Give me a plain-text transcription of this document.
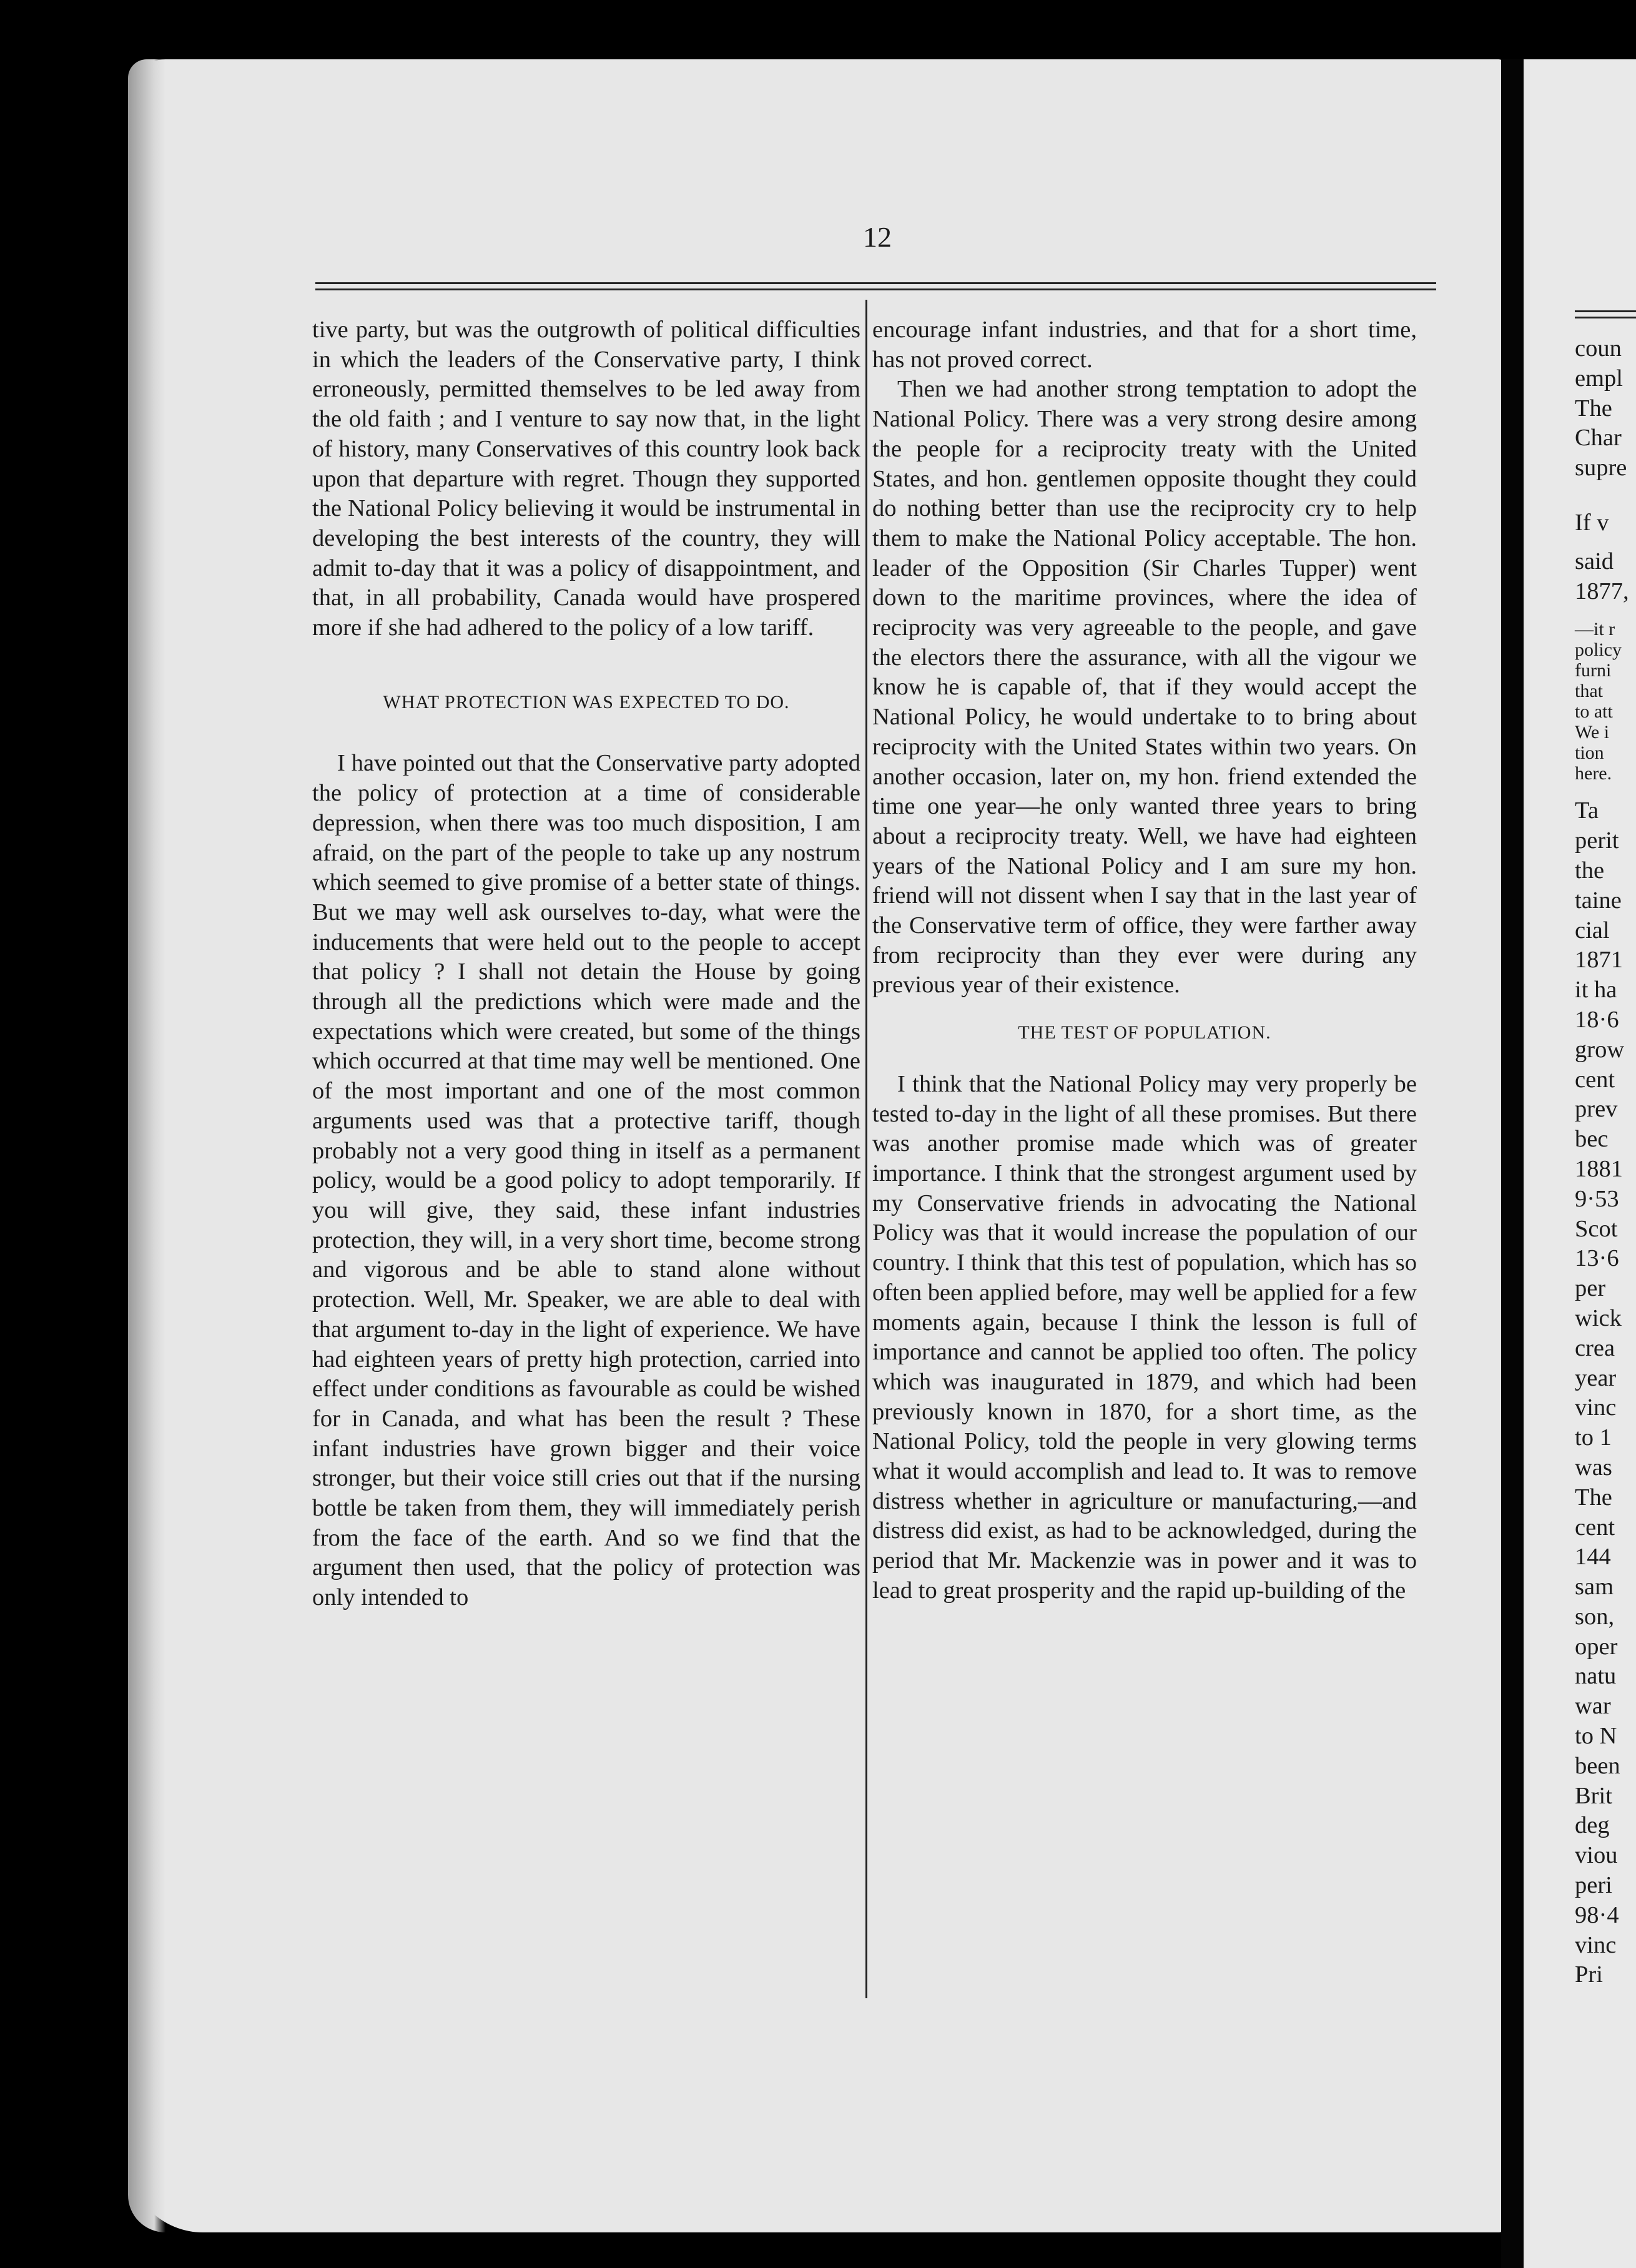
12

tive party, but was the outgrowth of political difficulties in which the leaders of the Conservative party, I think erroneously, permitted themselves to be led away from the old faith ; and I venture to say now that, in the light of history, many Conservatives of this country look back upon that departure with regret. Thougn they supported the National Policy believing it would be instrumental in developing the best interests of the country, they will admit to-day that it was a policy of disappointment, and that, in all probability, Canada would have prospered more if she had adhered to the policy of a low tariff.

WHAT PROTECTION WAS EXPECTED TO DO.

I have pointed out that the Conservative party adopted the policy of protection at a time of considerable depression, when there was too much disposition, I am afraid, on the part of the people to take up any nostrum which seemed to give promise of a better state of things. But we may well ask ourselves to-day, what were the inducements that were held out to the people to accept that policy ? I shall not detain the House by going through all the predictions which were made and the expectations which were created, but some of the things which occurred at that time may well be mentioned. One of the most important and one of the most common arguments used was that a protective tariff, though probably not a very good thing in itself as a permanent policy, would be a good policy to adopt temporarily. If you will give, they said, these infant industries protection, they will, in a very short time, become strong and vigorous and be able to stand alone without protection. Well, Mr. Speaker, we are able to deal with that argument to-day in the light of experience. We have had eighteen years of pretty high protection, carried into effect under conditions as favourable as could be wished for in Canada, and what has been the result ? These infant industries have grown bigger and their voice stronger, but their voice still cries out that if the nursing bottle be taken from them, they will immediately perish from the face of the earth. And so we find that the argument then used, that the policy of protection was only intended to

encourage infant industries, and that for a short time, has not proved correct.

Then we had another strong temptation to adopt the National Policy. There was a very strong desire among the people for a reciprocity treaty with the United States, and hon. gentlemen opposite thought they could do nothing better than use the reciprocity cry to help them to make the National Policy acceptable. The hon. leader of the Opposition (Sir Charles Tupper) went down to the maritime provinces, where the idea of reciprocity was very agreeable to the people, and gave the electors there the assurance, with all the vigour we know he is capable of, that if they would accept the National Policy, he would undertake to to bring about reciprocity with the United States within two years. On another occasion, later on, my hon. friend extended the time one year—he only wanted three years to bring about a reciprocity treaty. Well, we have had eighteen years of the National Policy and I am sure my hon. friend will not dissent when I say that in the last year of the Conservative term of office, they were farther away from reciprocity than they ever were during any previous year of their existence.

THE TEST OF POPULATION.

I think that the National Policy may very properly be tested to-day in the light of all these promises. But there was another promise made which was of greater importance. I think that the strongest argument used by my Conservative friends in advocating the National Policy was that it would increase the population of our country. I think that this test of population, which has so often been applied before, may well be applied for a few moments again, because I think the lesson is full of importance and cannot be applied too often. The policy which was inaugurated in 1879, and which had been previously known in 1870, for a short time, as the National Policy, told the people in very glowing terms what it would accomplish and lead to. It was to remove distress whether in agriculture or manufacturing,—and distress did exist, as had to be acknowledged, during the period that Mr. Mackenzie was in power and it was to lead to great prosperity and the rapid up-building of the

coun
empl
The
Char
supre
If v
said
1877,
—it r
policy
furni
that
to att
We i
tion
here.
Ta
perit
the
taine
cial
1871
it ha
18·6
grow
cent
prev
bec
1881
9·53
Scot
13·6
per
wick
crea
year
vinc
to 1
was
The
cent
144
sam
son,
oper
natu
war
to N
been
Brit
deg
viou
peri
98·4
vinc
Pri
